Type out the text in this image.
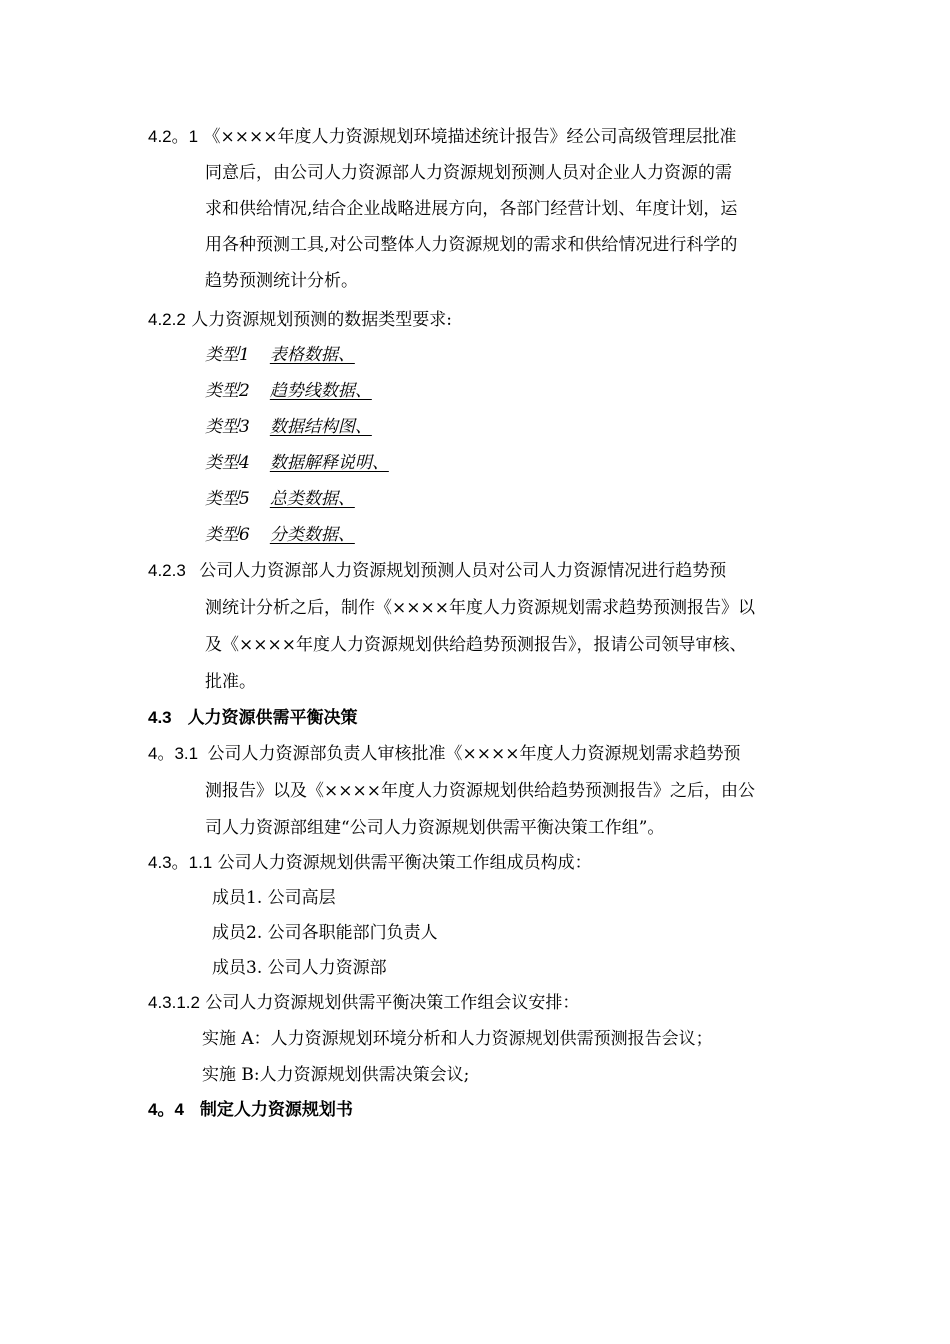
4.2。1 《××××年度人力资源规划环境描述统计报告》经公司高级管理层批准
同意后，由公司人力资源部人力资源规划预测人员对企业人力资源的需
求和供给情况,结合企业战略进展方向，各部门经营计划、年度计划，运
用各种预测工具,对公司整体人力资源规划的需求和供给情况进行科学的
趋势预测统计分析。
4.2.2 人力资源规划预测的数据类型要求:
类型1 表格数据、
类型2 趋势线数据、
类型3 数据结构图、
类型4 数据解释说明、
类型5 总类数据、
类型6 分类数据、
4.2.3 公司人力资源部人力资源规划预测人员对公司人力资源情况进行趋势预
测统计分析之后，制作《××××年度人力资源规划需求趋势预测报告》以
及《××××年度人力资源规划供给趋势预测报告》，报请公司领导审核、
批准。
4.3 人力资源供需平衡决策
4。3.1 公司人力资源部负责人审核批准《××××年度人力资源规划需求趋势预
测报告》以及《××××年度人力资源规划供给趋势预测报告》之后，由公
司人力资源部组建“公司人力资源规划供需平衡决策工作组”。
4.3。1.1 公司人力资源规划供需平衡决策工作组成员构成：
成员1. 公司高层
成员2. 公司各职能部门负责人
成员3. 公司人力资源部
4.3.1.2 公司人力资源规划供需平衡决策工作组会议安排：
实施 A：人力资源规划环境分析和人力资源规划供需预测报告会议；
实施 B:人力资源规划供需决策会议;
4。4 制定人力资源规划书
